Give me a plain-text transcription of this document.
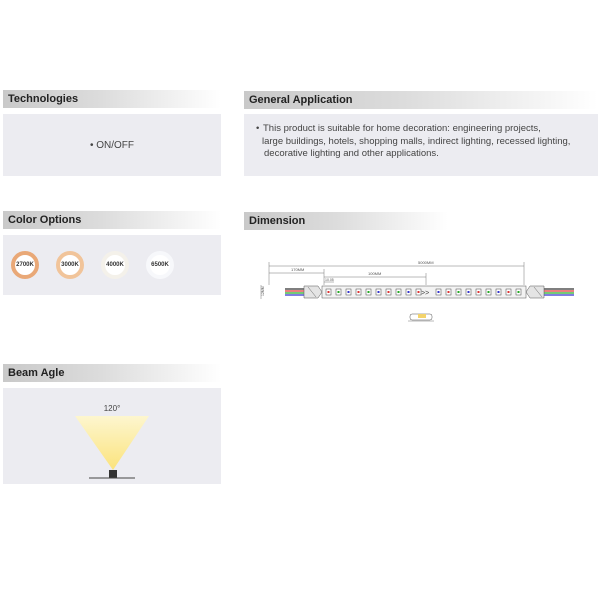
Technologies
• ON/OFF
General Application
• This product is suitable for home decoration: engineering projects,
large buildings, hotels, shopping malls, indirect lighting, recessed lighting,
decorative lighting and other applications.
Color Options
2700K	3000K	4000K	6500K
Dimension
5000MM
170MM
100MM
10.05
12MM	>>
Beam Agle
120°
